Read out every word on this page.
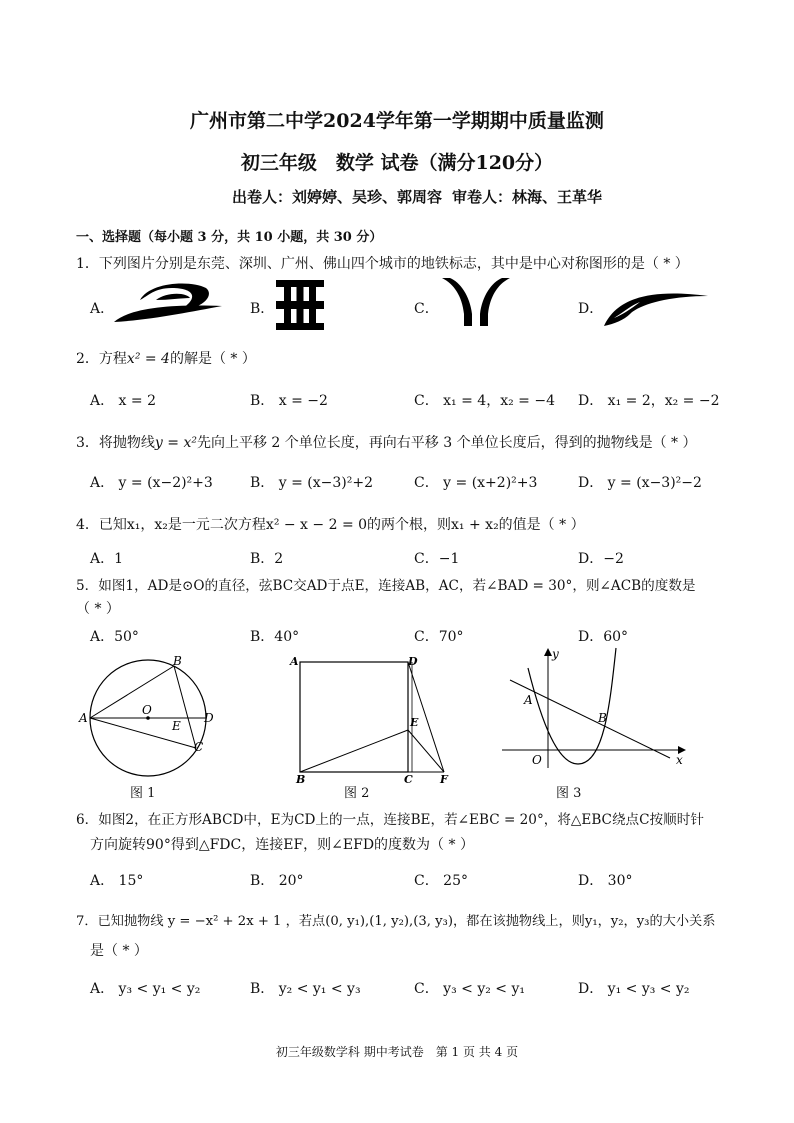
广州市第二中学2024学年第一学期期中质量监测
初三年级　数学 试卷（满分120分）
出卷人：刘婷婷、吴珍、郭周容 审卷人：林海、王革华
一、选择题（每小题 3 分，共 10 小题，共 30 分）
1．下列图片分别是东莞、深圳、广州、佛山四个城市的地铁标志，其中是中心对称图形的是（ * ）
A．	B．	C．	D．
2．方程x² = 4的解是（ * ）
A． x = 2	B． x = −2	C． x₁ = 4，x₂ = −4 D． x₁ = 2，x₂ = −2
3．将抛物线y = x²先向上平移 2 个单位长度，再向右平移 3 个单位长度后，得到的抛物线是（ * ）
A． y = (x−2)²+3	B． y = (x−3)²+2	C． y = (x+2)²+3	D． y = (x−3)²−2
4．已知x₁，x₂是一元二次方程x² − x − 2 = 0的两个根，则x₁ + x₂的值是（ * ）
A．1	B．2	C．−1	D．−2
5．如图1，AD是⊙O的直径，弦BC交AD于点E，连接AB，AC，若∠BAD = 30°，则∠ACB的度数是
（ * ）
A．50°	B．40°	C．70°	D．60°
A
B
O
E
D
C
图 1
A	D
E
B	C F
图 2
y
A
B
O	x
图 3
6．如图2，在正方形ABCD中，E为CD上的一点，连接BE，若∠EBC = 20°，将△EBC绕点C按顺时针
方向旋转90°得到△FDC，连接EF，则∠EFD的度数为（ * ）
A． 15°	B． 20°	C． 25°	D． 30°
7．已知抛物线 y = −x² + 2x + 1 ，若点(0, y₁),(1, y₂),(3, y₃)，都在该抛物线上，则y₁，y₂，y₃的大小关系
是（ * ）
A． y₃ < y₁ < y₂	B． y₂ < y₁ < y₃	C． y₃ < y₂ < y₁	D． y₁ < y₃ < y₂
初三年级数学科 期中考试卷　第 1 页 共 4 页
